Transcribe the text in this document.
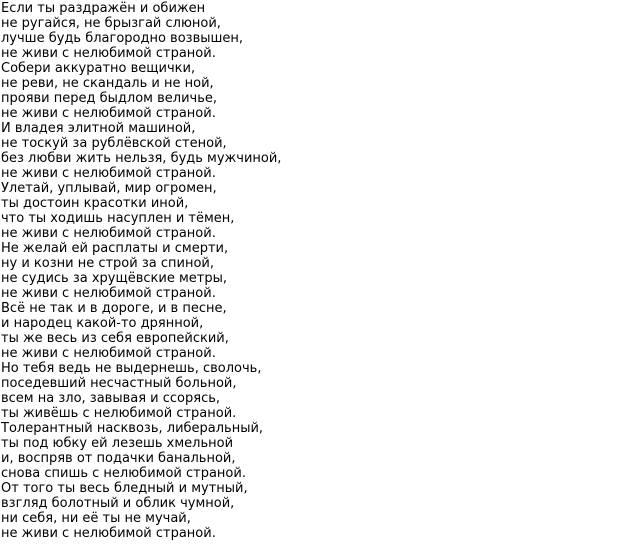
Если ты раздражён и обижен
не ругайся, не брызгай слюной,
лучше будь благородно возвышен,
не живи с нелюбимой страной.
Собери аккуратно вещички,
не реви, не скандаль и не ной,
прояви перед быдлом величье,
не живи с нелюбимой страной.
И владея элитной машиной,
не тоскуй за рублёвской стеной,
без любви жить нельзя, будь мужчиной,
не живи с нелюбимой страной.
Улетай, уплывай, мир огромен,
ты достоин красотки иной,
что ты ходишь насуплен и тёмен,
не живи с нелюбимой страной.
Не желай ей расплаты и смерти,
ну и козни не строй за спиной,
не судись за хрущёвские метры,
не живи с нелюбимой страной.
Всё не так и в дороге, и в песне,
и народец какой-то дрянной,
ты же весь из себя европейский,
не живи с нелюбимой страной.
Но тебя ведь не выдернешь, сволочь,
поседевший несчастный больной,
всем на зло, завывая и ссорясь,
ты живёшь с нелюбимой страной.
Толерантный насквозь, либеральный,
ты под юбку ей лезешь хмельной
и, воспряв от подачки банальной,
снова спишь с нелюбимой страной.
От того ты весь бледный и мутный,
взгляд болотный и облик чумной,
ни себя, ни её ты не мучай,
не живи с нелюбимой страной.
